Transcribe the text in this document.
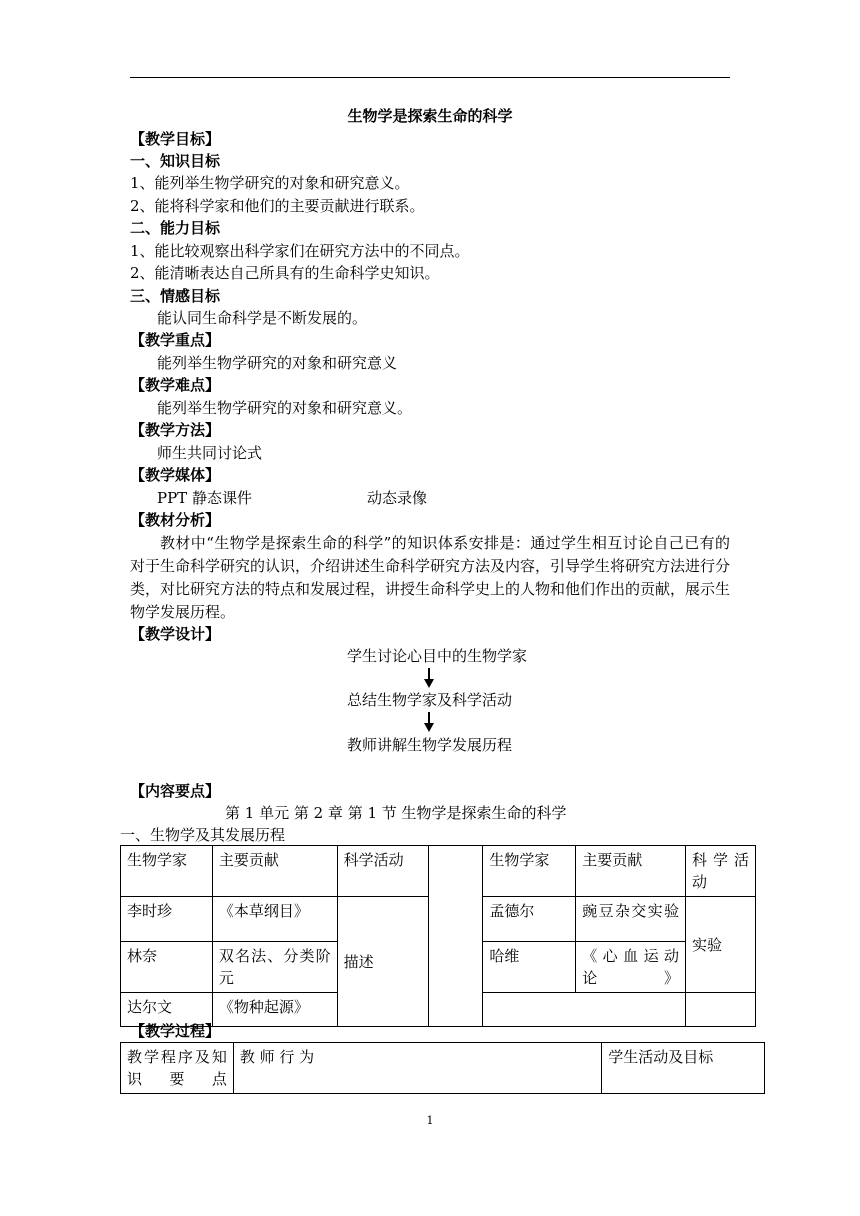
生物学是探索生命的科学
【教学目标】
一、知识目标
1、能列举生物学研究的对象和研究意义。
2、能将科学家和他们的主要贡献进行联系。
二、能力目标
1、能比较观察出科学家们在研究方法中的不同点。
2、能清晰表达自己所具有的生命科学史知识。
三、情感目标
能认同生命科学是不断发展的。
【教学重点】
能列举生物学研究的对象和研究意义
【教学难点】
能列举生物学研究的对象和研究意义。
【教学方法】
师生共同讨论式
【教学媒体】
PPT 静态课件	动态录像
【教材分析】
教材中“生物学是探索生命的科学”的知识体系安排是：通过学生相互讨论自己已有的对于生命科学研究的认识，介绍讲述生命科学研究方法及内容，引导学生将研究方法进行分类，对比研究方法的特点和发展过程，讲授生命科学史上的人物和他们作出的贡献，展示生物学发展历程。
【教学设计】
学生讨论心目中的生物学家
总结生物学家及科学活动
教师讲解生物学发展历程
【内容要点】
第 1 单元 第 2 章 第 1 节 生物学是探索生命的科学
一、生物学及其发展历程
生物学家	主要贡献	科学活动		生物学家	主要贡献	科 学 活动
李时珍	《本草纲目》	描述		孟德尔	豌豆杂交实验	实验
林奈	双名法、分类阶元			哈维	《心血运动论》	
达尔文	《物种起源》					
【教学过程】
教学程序及知识要点	教 师 行 为	学生活动及目标
1
